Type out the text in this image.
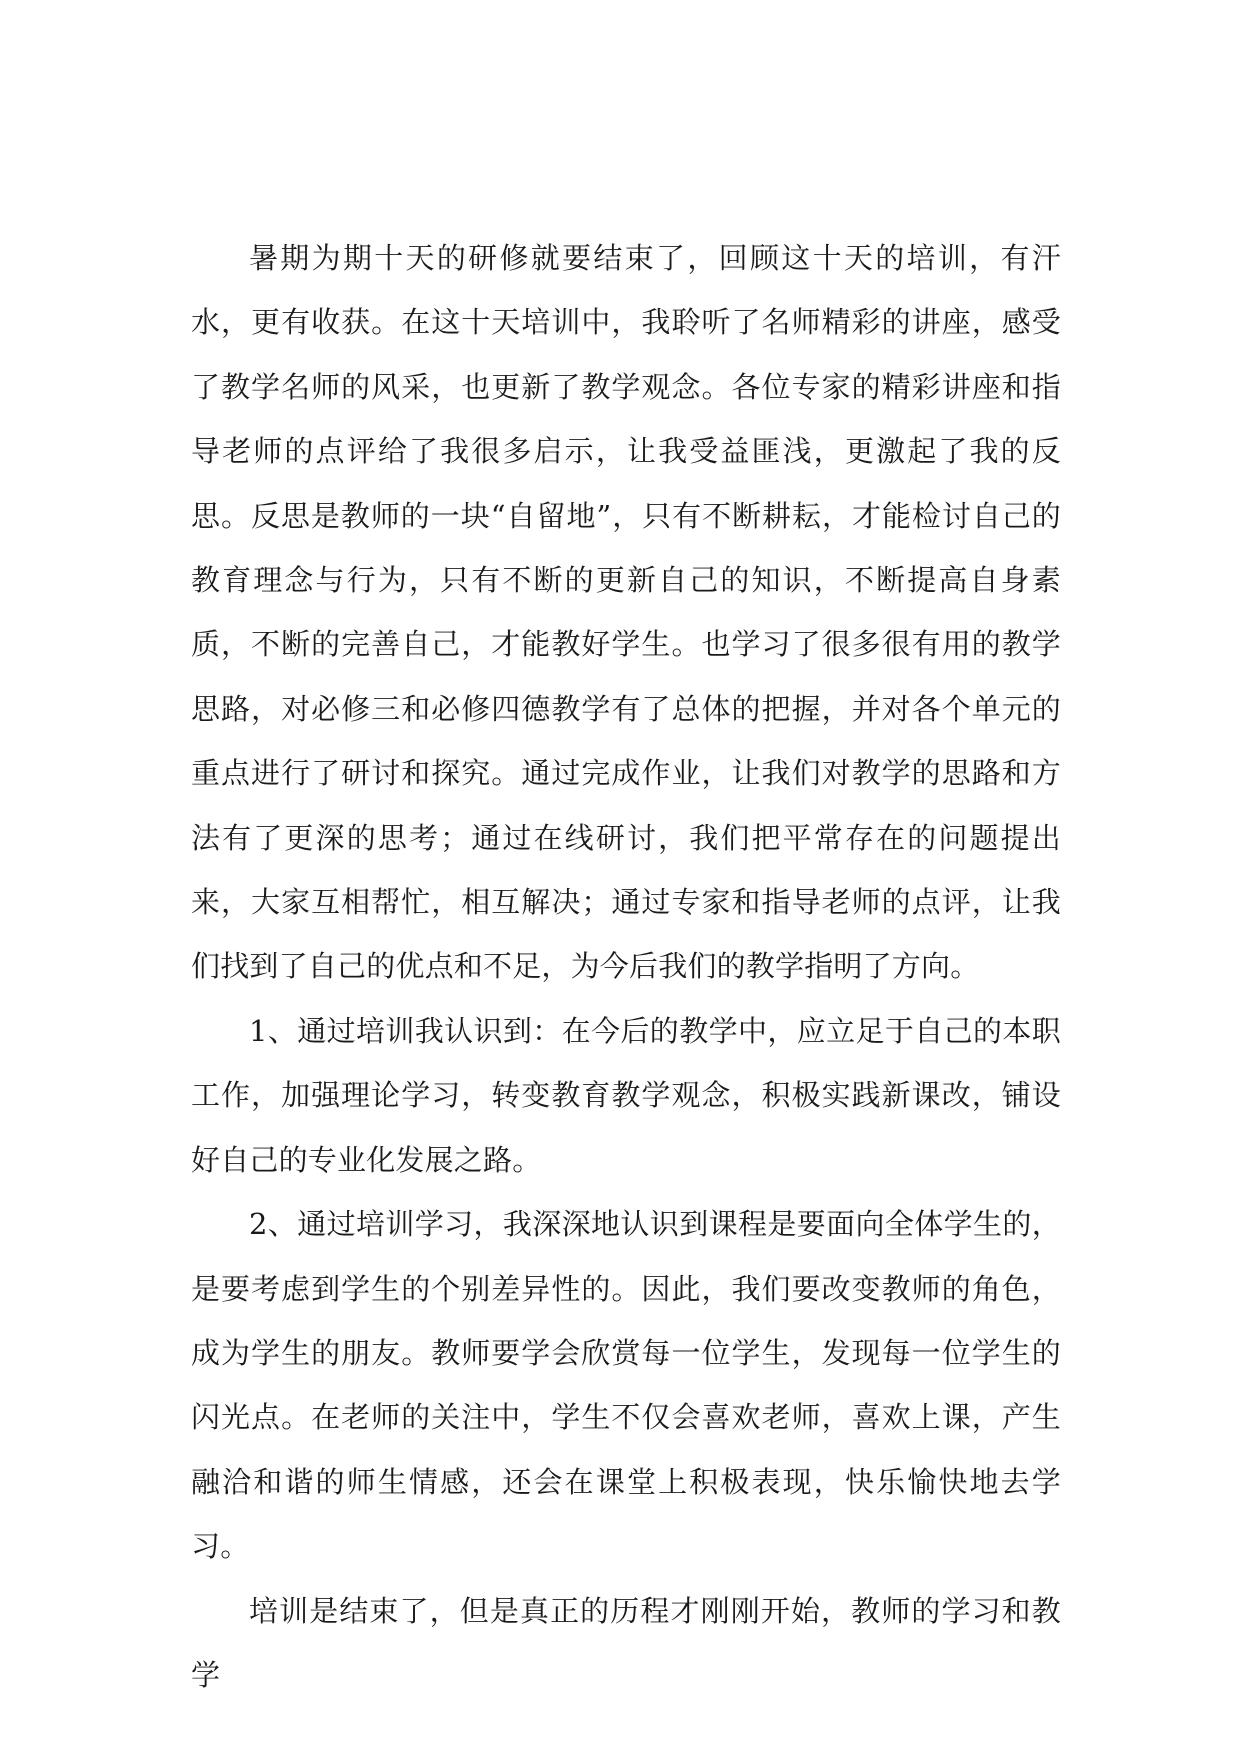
暑期为期十天的研修就要结束了，回顾这十天的培训，有汗水，更有收获。在这十天培训中，我聆听了名师精彩的讲座，感受了教学名师的风采，也更新了教学观念。各位专家的精彩讲座和指导老师的点评给了我很多启示，让我受益匪浅，更激起了我的反思。反思是教师的一块“自留地”，只有不断耕耘，才能检讨自己的教育理念与行为，只有不断的更新自己的知识，不断提高自身素质，不断的完善自己，才能教好学生。也学习了很多很有用的教学思路，对必修三和必修四德教学有了总体的把握，并对各个单元的重点进行了研讨和探究。通过完成作业，让我们对教学的思路和方法有了更深的思考；通过在线研讨，我们把平常存在的问题提出来，大家互相帮忙，相互解决；通过专家和指导老师的点评，让我们找到了自己的优点和不足，为今后我们的教学指明了方向。

1、通过培训我认识到：在今后的教学中，应立足于自己的本职工作，加强理论学习，转变教育教学观念，积极实践新课改，铺设好自己的专业化发展之路。

2、通过培训学习，我深深地认识到课程是要面向全体学生的，是要考虑到学生的个别差异性的。因此，我们要改变教师的角色，成为学生的朋友。教师要学会欣赏每一位学生，发现每一位学生的闪光点。在老师的关注中，学生不仅会喜欢老师，喜欢上课，产生融洽和谐的师生情感，还会在课堂上积极表现，快乐愉快地去学习。

培训是结束了，但是真正的历程才刚刚开始，教师的学习和教学
